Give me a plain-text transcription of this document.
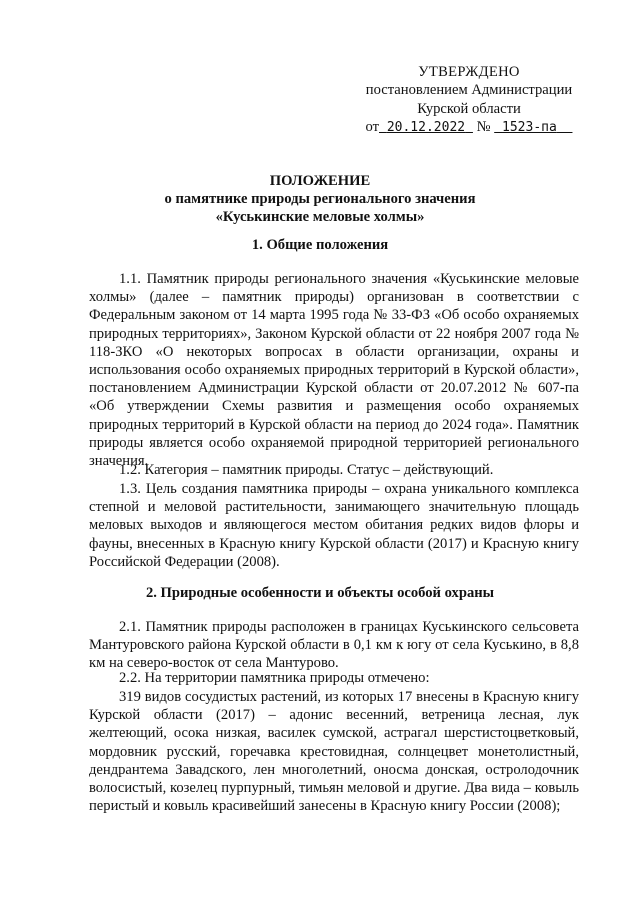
УТВЕРЖДЕНО
постановлением Администрации
Курской области
от 20.12.2022 № 1523-па
ПОЛОЖЕНИЕ
о памятнике природы регионального значения
«Куськинские меловые холмы»
1. Общие положения
1.1. Памятник природы регионального значения «Куськинские меловые холмы» (далее – памятник природы) организован в соответствии с Федеральным законом от 14 марта 1995 года № 33-ФЗ «Об особо охраняемых природных территориях», Законом Курской области от 22 ноября 2007 года № 118-ЗКО «О некоторых вопросах в области организации, охраны и использования особо охраняемых природных территорий в Курской области», постановлением Администрации Курской области от 20.07.2012 № 607-па «Об утверждении Схемы развития и размещения особо охраняемых природных территорий в Курской области на период до 2024 года». Памятник природы является особо охраняемой природной территорией регионального значения.
1.2. Категория – памятник природы. Статус – действующий.
1.3. Цель создания памятника природы – охрана уникального комплекса степной и меловой растительности, занимающего значительную площадь меловых выходов и являющегося местом обитания редких видов флоры и фауны, внесенных в Красную книгу Курской области (2017) и Красную книгу Российской Федерации (2008).
2. Природные особенности и объекты особой охраны
2.1. Памятник природы расположен в границах Куськинского сельсовета Мантуровского района Курской области в 0,1 км к югу от села Куськино, в 8,8 км на северо-восток от села Мантурово.
2.2. На территории памятника природы отмечено:
319 видов сосудистых растений, из которых 17 внесены в Красную книгу Курской области (2017) – адонис весенний, ветреница лесная, лук желтеющий, осока низкая, василек сумской, астрагал шерстистоцветковый, мордовник русский, горечавка крестовидная, солнцецвет монетолистный, дендрантема Завадского, лен многолетний, оносма донская, остролодочник волосистый, козелец пурпурный, тимьян меловой и другие. Два вида – ковыль перистый и ковыль красивейший занесены в Красную книгу России (2008);
